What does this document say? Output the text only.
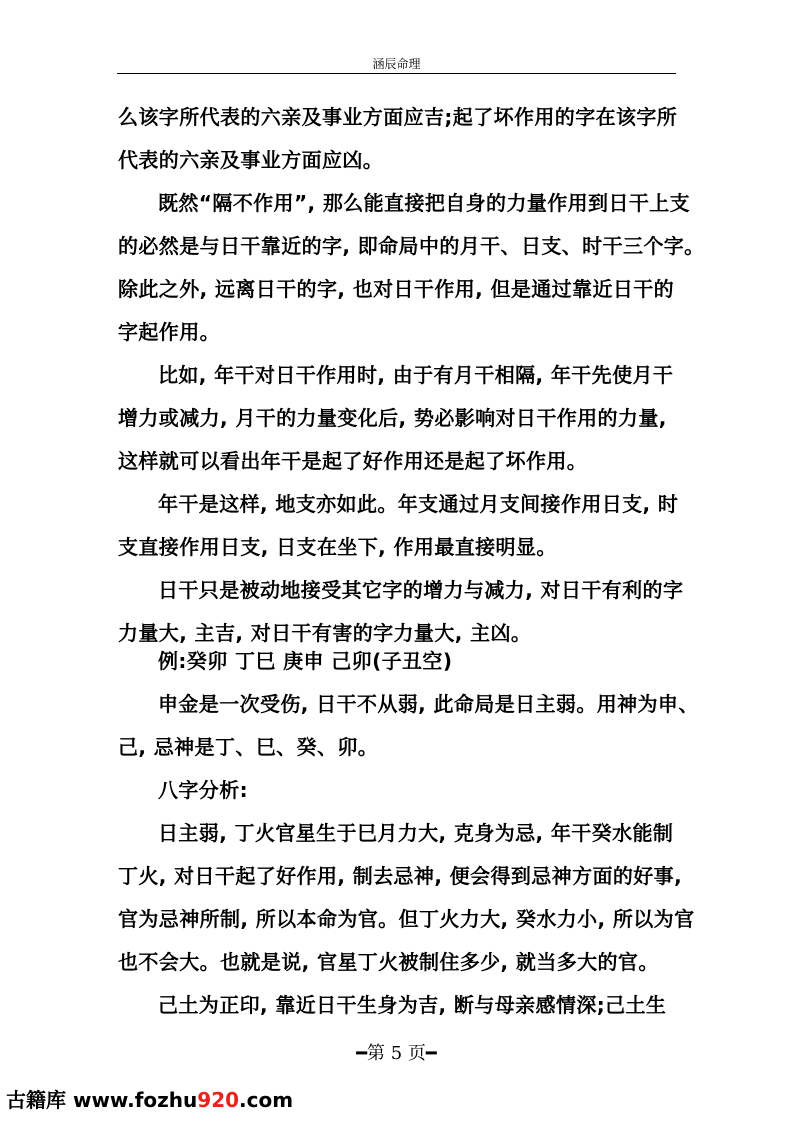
涵辰命理
么该字所代表的六亲及事业方面应吉;起了坏作用的字在该字所
代表的六亲及事业方面应凶。
既然“隔不作用”, 那么能直接把自身的力量作用到日干上支
的必然是与日干靠近的字, 即命局中的月干、日支、时干三个字。
除此之外, 远离日干的字, 也对日干作用, 但是通过靠近日干的
字起作用。
比如, 年干对日干作用时, 由于有月干相隔, 年干先使月干
增力或减力, 月干的力量变化后, 势必影响对日干作用的力量,
这样就可以看出年干是起了好作用还是起了坏作用。
年干是这样, 地支亦如此。年支通过月支间接作用日支, 时
支直接作用日支, 日支在坐下, 作用最直接明显。
日干只是被动地接受其它字的增力与减力, 对日干有利的字
力量大, 主吉, 对日干有害的字力量大, 主凶。
例:癸卯 丁巳 庚申 己卯(子丑空)
申金是一次受伤, 日干不从弱, 此命局是日主弱。用神为申、
己, 忌神是丁、巳、癸、卯。
八字分析:
日主弱, 丁火官星生于巳月力大, 克身为忌, 年干癸水能制
丁火, 对日干起了好作用, 制去忌神, 便会得到忌神方面的好事,
官为忌神所制, 所以本命为官。但丁火力大, 癸水力小, 所以为官
也不会大。也就是说, 官星丁火被制住多少, 就当多大的官。
己土为正印, 靠近日干生身为吉, 断与母亲感情深;己土生
━第 5 页━
古籍库 www.fozhu920.com
